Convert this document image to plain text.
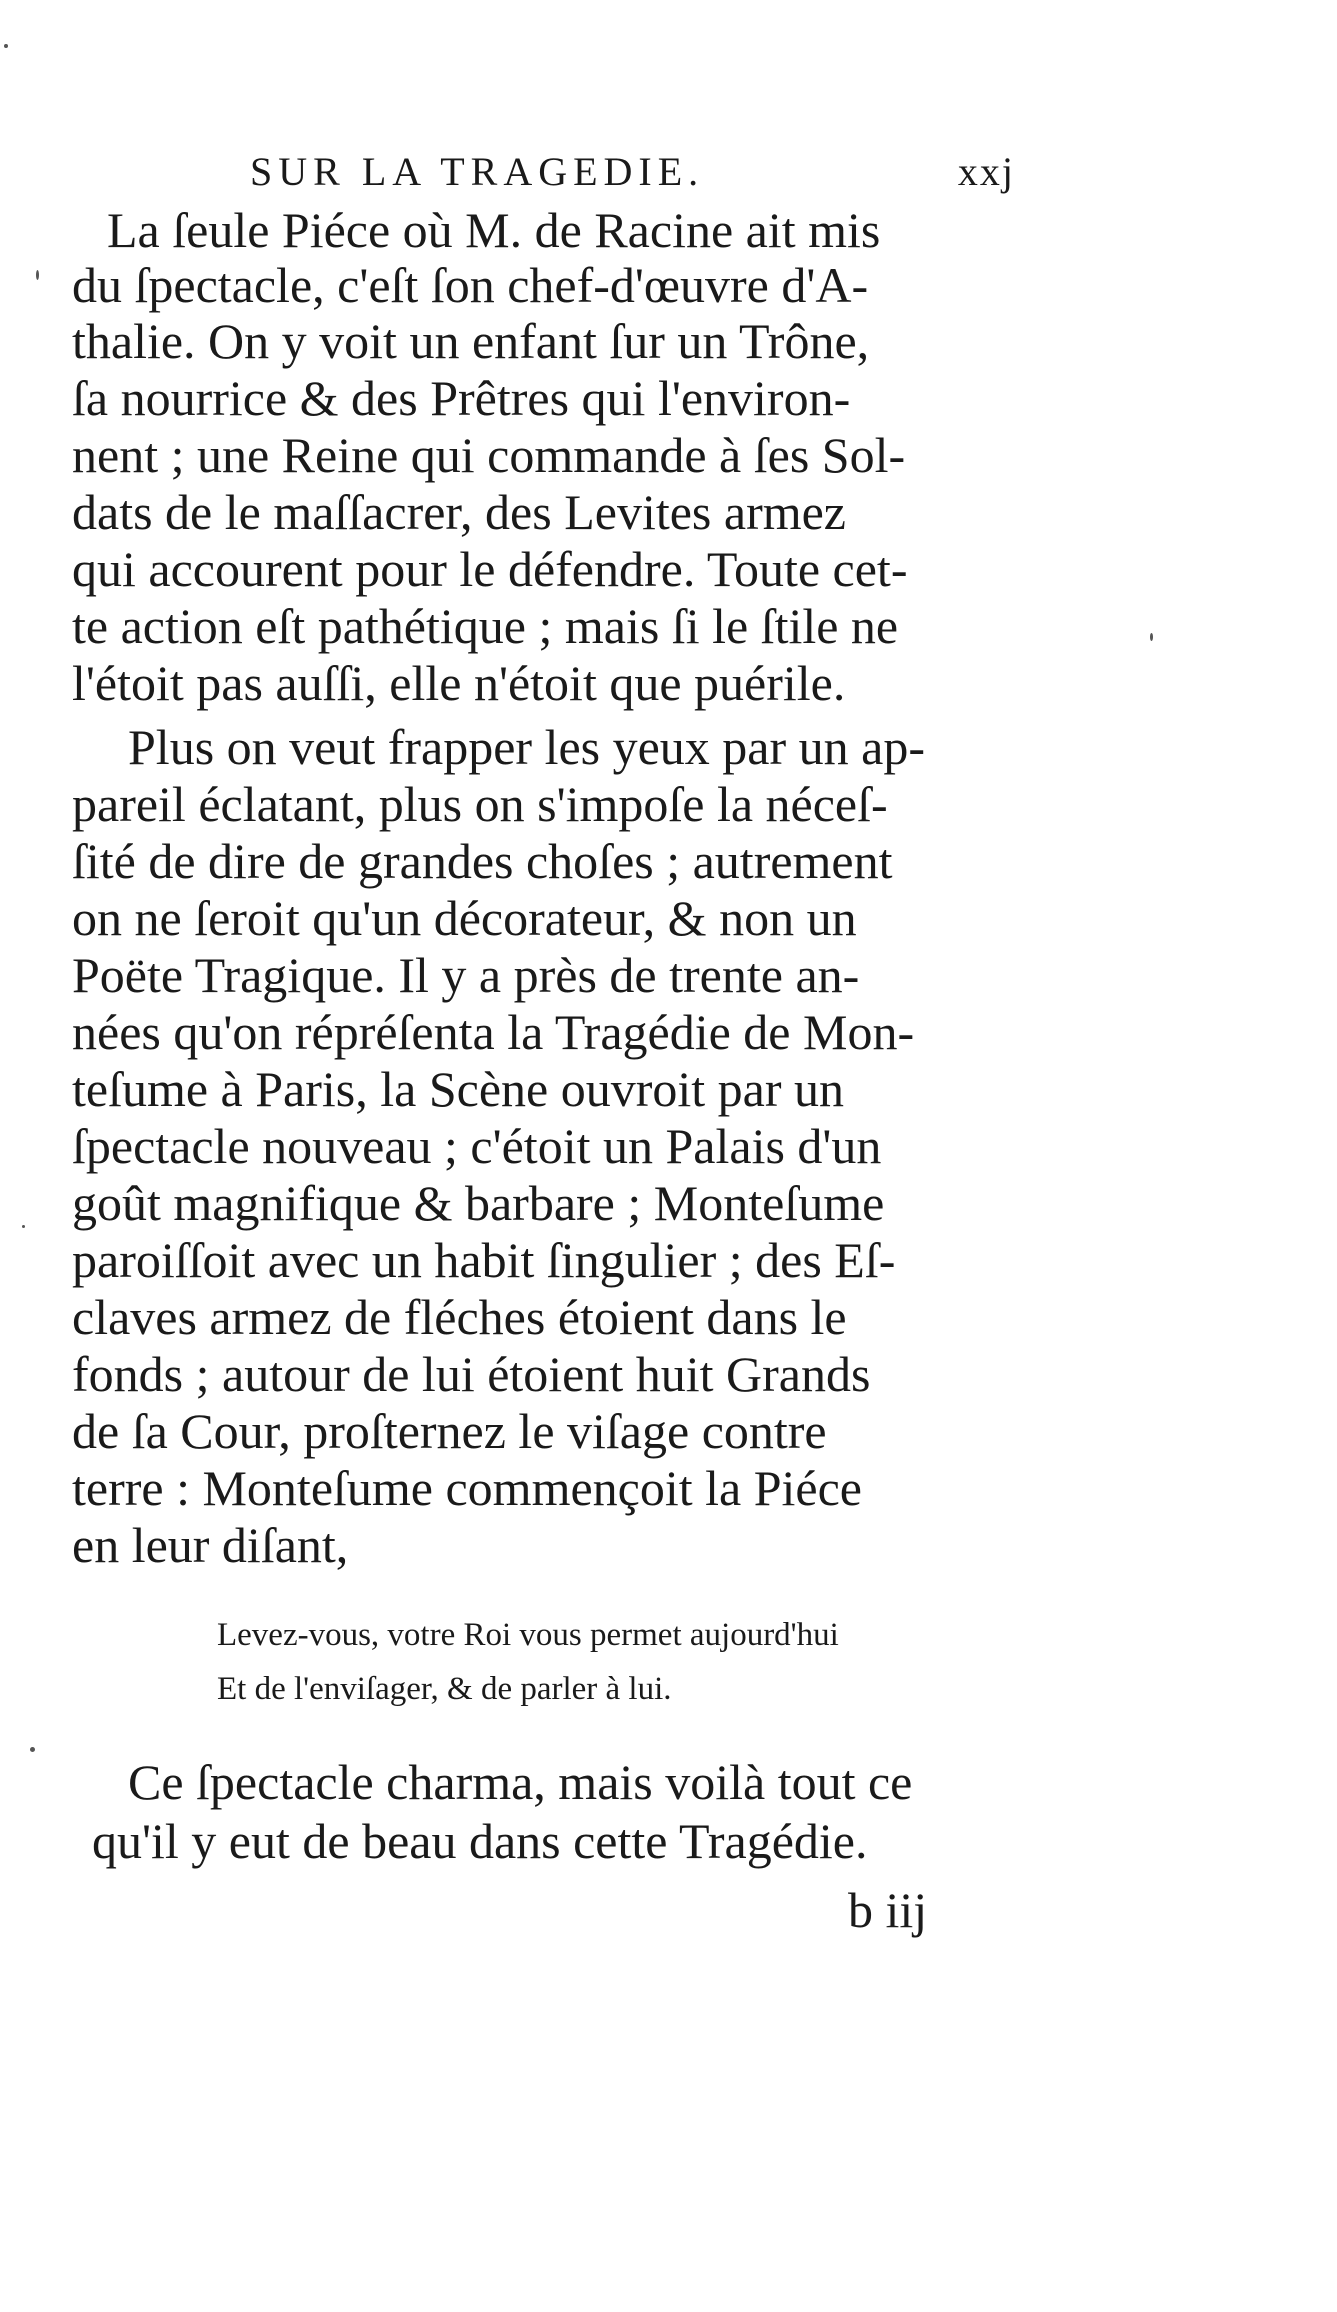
SUR LA TRAGEDIE.	xxj
La ſeule Piéce où M. de Racine ait mis
du ſpectacle, c'eſt ſon chef-d'œuvre d'A-
thalie. On y voit un enfant ſur un Trône,
ſa nourrice & des Prêtres qui l'environ-
nent ; une Reine qui commande à ſes Sol-
dats de le maſſacrer, des Levites armez
qui accourent pour le défendre. Toute cet-
te action eſt pathétique ; mais ſi le ſtile ne
l'étoit pas auſſi, elle n'étoit que puérile.
Plus on veut frapper les yeux par un ap-
pareil éclatant, plus on s'impoſe la néceſ-
ſité de dire de grandes choſes ; autrement
on ne ſeroit qu'un décorateur, & non un
Poëte Tragique. Il y a près de trente an-
nées qu'on répréſenta la Tragédie de Mon-
teſume à Paris, la Scène ouvroit par un
ſpectacle nouveau ; c'étoit un Palais d'un
goût magnifique & barbare ; Monteſume
paroiſſoit avec un habit ſingulier ; des Eſ-
claves armez de fléches étoient dans le
fonds ; autour de lui étoient huit Grands
de ſa Cour, proſternez le viſage contre
terre : Monteſume commençoit la Piéce
en leur diſant,
Levez-vous, votre Roi vous permet aujourd'hui
Et de l'enviſager, & de parler à lui.
Ce ſpectacle charma, mais voilà tout ce
qu'il y eut de beau dans cette Tragédie.
b iij
